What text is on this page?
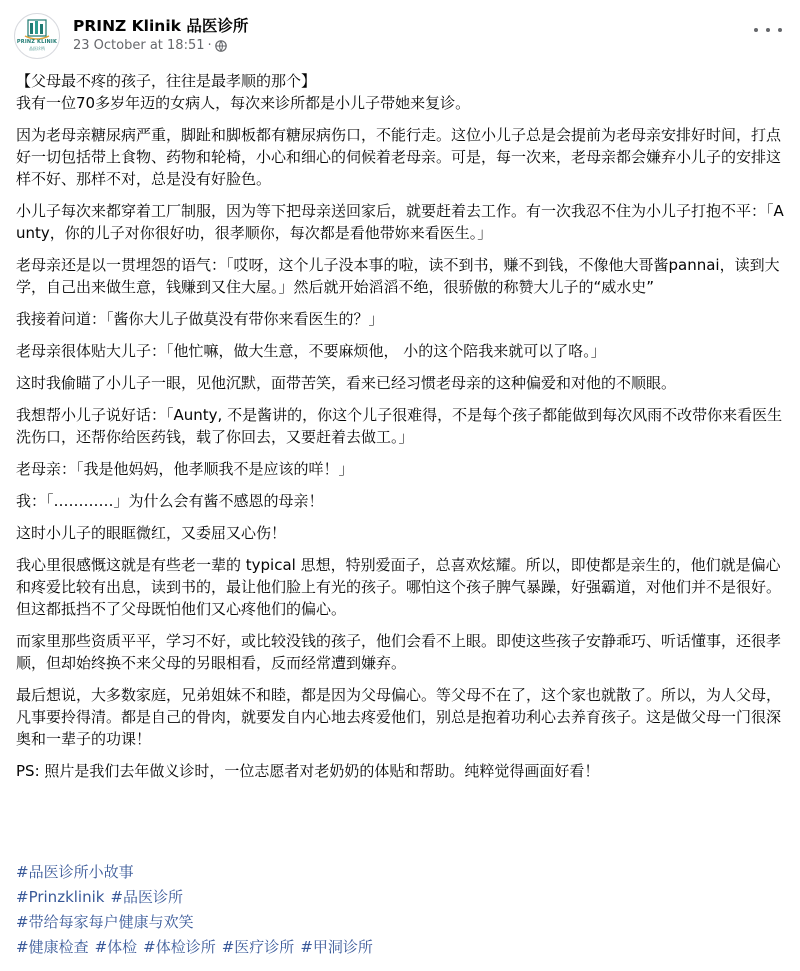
PRINZ KLINIK
品医诊所
PRINZ Klinik 品医诊所
23 October at 18:51 ·

【父母最不疼的孩子，往往是最孝顺的那个】

我有一位70多岁年迈的女病人，每次来诊所都是小儿子带她来复诊。

因为老母亲糖尿病严重，脚趾和脚板都有糖尿病伤口，不能行走。这位小儿子总是会提前为老母亲安排好时间，打点好一切包括带上食物、药物和轮椅，小心和细心的伺候着老母亲。可是，每一次来，老母亲都会嫌弃小儿子的安排这样不好、那样不对，总是没有好脸色。

小儿子每次来都穿着工厂制服，因为等下把母亲送回家后，就要赶着去工作。有一次我忍不住为小儿子打抱不平：「Aunty，你的儿子对你很好叻，很孝顺你，每次都是看他带妳来看医生。」

老母亲还是以一贯埋怨的语气：「哎呀，这个儿子没本事的啦，读不到书，赚不到钱，不像他大哥酱pannai，读到大学，自己出来做生意，钱赚到又住大屋。」然后就开始滔滔不绝，很骄傲的称赞大儿子的“威水史”

我接着问道：「酱你大儿子做莫没有带你来看医生的？」

老母亲很体贴大儿子：「他忙嘛，做大生意，不要麻烦他， 小的这个陪我来就可以了咯。」

这时我偷瞄了小儿子一眼，见他沉默，面带苦笑，看来已经习惯老母亲的这种偏爱和对他的不顺眼。

我想帮小儿子说好话：「Aunty, 不是酱讲的，你这个儿子很难得，不是每个孩子都能做到每次风雨不改带你来看医生洗伤口，还帮你给医药钱，载了你回去，又要赶着去做工。」

老母亲：「我是他妈妈，他孝顺我不是应该的咩！」

我：「…………」为什么会有酱不感恩的母亲！

这时小儿子的眼眶微红，又委屈又心伤！

我心里很感慨这就是有些老一辈的 typical 思想，特别爱面子，总喜欢炫耀。所以，即使都是亲生的，他们就是偏心和疼爱比较有出息，读到书的，最让他们脸上有光的孩子。哪怕这个孩子脾气暴躁，好强霸道，对他们并不是很好。但这都抵挡不了父母既怕他们又心疼他们的偏心。

而家里那些资质平平，学习不好，或比较没钱的孩子，他们会看不上眼。即使这些孩子安静乖巧、听话懂事，还很孝顺，但却始终换不来父母的另眼相看，反而经常遭到嫌弃。

最后想说，大多数家庭，兄弟姐妹不和睦，都是因为父母偏心。等父母不在了，这个家也就散了。所以，为人父母，凡事要拎得清。都是自己的骨肉，就要发自内心地去疼爱他们，别总是抱着功利心去养育孩子。这是做父母一门很深奥和一辈子的功课！

PS: 照片是我们去年做义诊时，一位志愿者对老奶奶的体贴和帮助。纯粹觉得画面好看！

#品医诊所小故事
#Prinzklinik #品医诊所
#带给每家每户健康与欢笑
#健康检查 #体检 #体检诊所 #医疗诊所 #甲洞诊所
